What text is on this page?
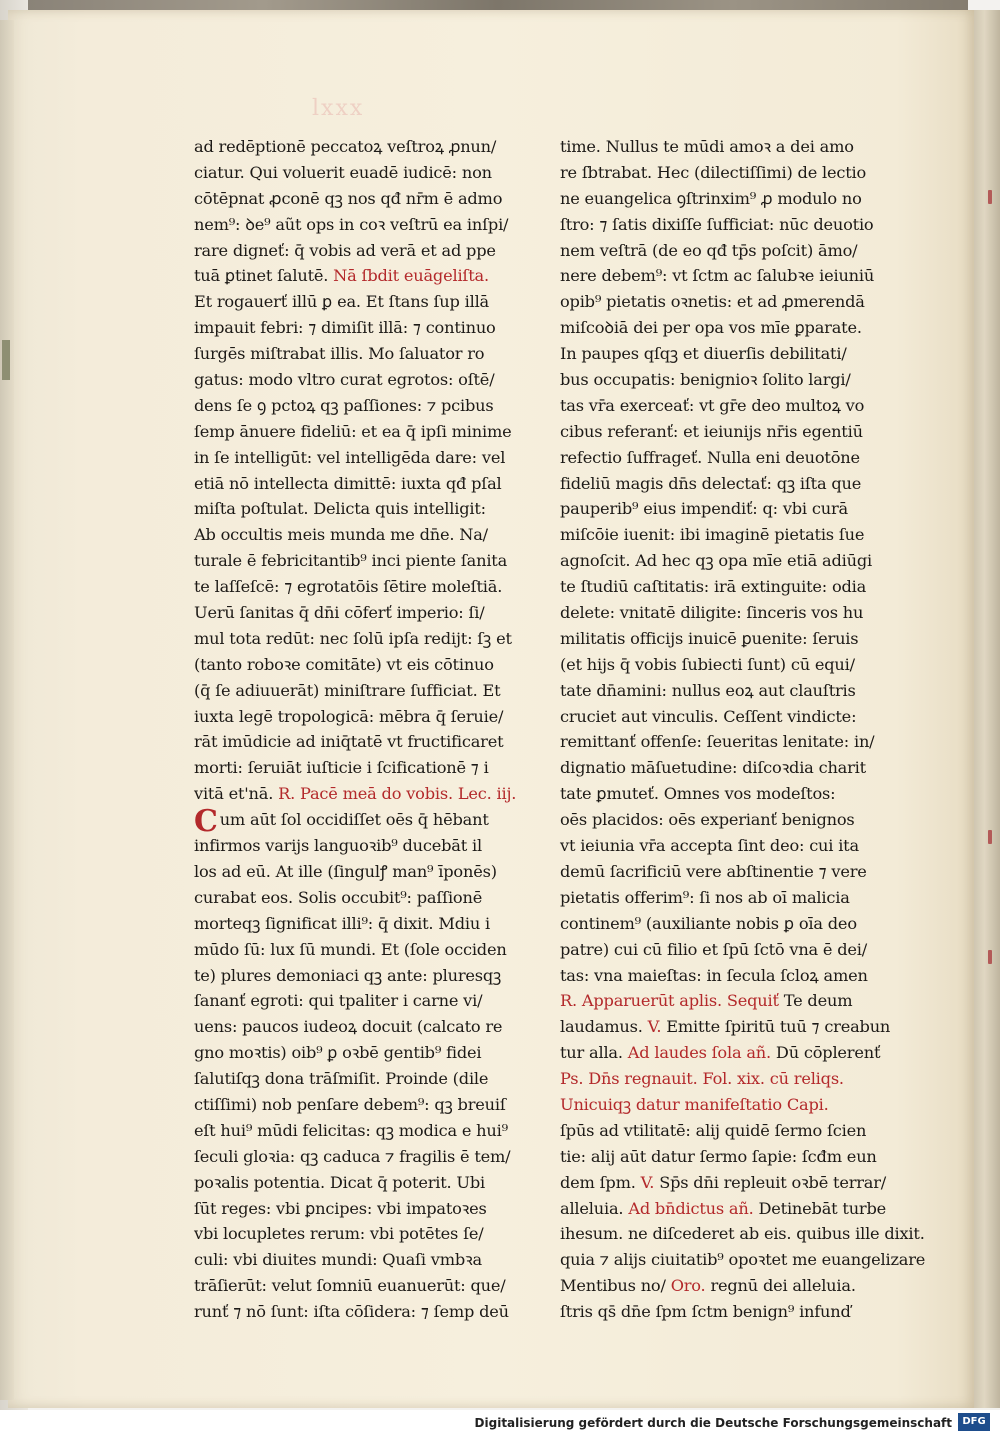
lxxx
ad redēptionē peccatoꝝ veſtroꝝ ꝓnun/
ciatur. Qui voluerit euadē iudicē: non
cōtēpnat ꝓconē qꝫ nos qđ nr̄m ē admo
nem⁹: ꝺe⁹ aũt ops in coꝛ veſtrū ea inſpi/
rare digneť: q̄ vobis ad verā et ad ppe
tuā ꝑtinet ſalutē. Nā ſbdit euāgeliſta.
Et rogauerť illū ꝑ ea. Et ſtans ſup illā
impauit febri: ⁊ dimiſit illā: ⁊ continuo
ſurgēs miſtrabat illis. Mo ſaluator ro
gatus: modo vltro curat egrotos: oſtē/
dens ſe ꝯ pctoꝝ qꝫ paſſiones: ⁊ pcibus
ſemp ānuere fideliū: et ea q̄ ipſi minime
in ſe intelligūt: vel intelligēda dare: vel
etiā nō intellecta dimittē: iuxta qđ pſal
miſta poſtulat. Delicta quis intelligit:
Ab occultis meis munda me dn̄e. Na/
turale ē febricitantib⁹ inci piente ſanita
te laſſeſcē: ⁊ egrotatōis ſētire moleſtiā.
Uerū ſanitas q̄ dn̄i cōferť imperio: ſi/
mul tota redūt: nec ſolū ipſa redijt: ſꝫ et
(tanto roboꝛe comitāte) vt eis cōtinuo
(q̄ ſe adiuuerāt) miniſtrare ſufficiat. Et
iuxta legē tropologicā: mēbra q̄ ſeruie/
rāt imūdicie ad iniq̄tatē vt fructificaret
morti: ſeruiāt iuſticie i ſcificationē ⁊ i
vitā et'nā. R. Pacē meā do vobis. Lec. iij.
Cum aūt ſol occidiſſet oēs q̄ hēbant
infirmos varijs languoꝛib⁹ ducebāt il
los ad eū. At ille (ſingulꝭ man⁹ īponēs)
curabat eos. Solis occubit⁹: paſſionē
morteqꝫ ſignificat illi⁹: q̄ dixit. Mdiu i
mūdo ſū: lux ſū mundi. Et (ſole occiden
te) plures demoniaci qꝫ ante: pluresqꝫ
ſananť egroti: qui tpaliter i carne vi/
uens: paucos iudeoꝝ docuit (calcato re
gno moꝛtis) oib⁹ ꝑ oꝛbē gentib⁹ fidei
ſalutiſqꝫ dona trāſmiſit. Proinde (dile
ctiſſimi) nob penſare debem⁹: qꝫ breuiſ
eſt hui⁹ mūdi felicitas: qꝫ modica e hui⁹
ſeculi gloꝛia: qꝫ caduca ⁊ fragilis ē tem/
poꝛalis potentia. Dicat q̄ poterit. Ubi
ſūt reges: vbi ꝑncipes: vbi impatoꝛes
vbi locupletes rerum: vbi potētes ſe/
culi: vbi diuites mundi: Quaſi vmbꝛa
trāſierūt: velut ſomniū euanuerūt: que/
runť ⁊ nō ſunt: iſta cōſidera: ⁊ ſemp deū
time. Nullus te mūdi amoꝛ a dei amo
re ſbtrabat. Hec (dilectiſſimi) de lectio
ne euangelica ꝯſtrinxim⁹ ꝓ modulo no
ſtro: ⁊ ſatis dixiſſe ſufficiat: nūc deuotio
nem veſtrā (de eo qđ tp̄s poſcit) āmo/
nere debem⁹: vt ſctm ac ſalubꝛe ieiuniū
opib⁹ pietatis oꝛnetis: et ad ꝓmerendā
miſcoꝺiā dei per opa vos mīe ꝑparate.
In paupes qſqꝫ et diuerſis debilitati/
bus occupatis: benignioꝛ ſolito largi/
tas vr̄a exerceať: vt gr̄e deo multoꝝ vo
cibus referanť: et ieiunijs nr̄is egentiū
refectio ſuffrageť. Nulla eni deuotōne
fideliū magis dn̄s delectať: qꝫ iſta que
pauperib⁹ eius impendiť: q: vbi curā
miſcōie iuenit: ibi imaginē pietatis ſue
agnoſcit. Ad hec qꝫ opa mīe etiā adiūgi
te ſtudiū caſtitatis: irā extinguite: odia
delete: vnitatē diligite: ſinceris vos hu
militatis officijs inuicē ꝑuenite: ſeruis
(et hijs q̄ vobis ſubiecti ſunt) cū equi/
tate dn̄amini: nullus eoꝝ aut clauſtris
cruciet aut vinculis. Ceſſent vindicte:
remittanť offenſe: ſeueritas lenitate: in/
dignatio māſuetudine: diſcoꝛdia charit
tate ꝑmuteť. Omnes vos modeſtos:
oēs placidos: oēs experianť benignos
vt ieiunia vr̄a accepta ſint deo: cui ita
demū ſacrificiū vere abſtinentie ⁊ vere
pietatis offerim⁹: ſi nos ab oī malicia
continem⁹ (auxiliante nobis ꝑ oīa deo
patre) cui cū filio et ſpū ſctō vna ē dei/
tas: vna maieſtas: in ſecula ſcloꝝ amen
R. Apparuerūt aplis. Sequiť Te deum
laudamus. V. Emitte ſpiritū tuū ⁊ creabun
tur alla. Ad laudes ſola añ. Dū cōplerenť
Ps. Dn̄s regnauit. Fol. xix. cū reliqs.
Unicuiqꝫ datur manifeſtatio Capi.
ſpūs ad vtilitatē: alij quidē ſermo ſcien
tie: alij aūt datur ſermo ſapie: ſcđm eun
dem ſpm. V. Sp̄s dn̄i repleuit oꝛbē terrar/
alleluia. Ad bn̄dictus añ. Detinebāt turbe
ihesum. ne diſcederet ab eis. quibus ille dixit.
quia ⁊ alijs ciuitatib⁹ opoꝛtet me euangelizare
Mentibus no/ Oro. regnū dei alleluia.
ſtris qs̄ dn̄e ſpm ſctm benign⁹ infunď
Digitalisierung gefördert durch die Deutsche Forschungsgemeinschaft	DFG
